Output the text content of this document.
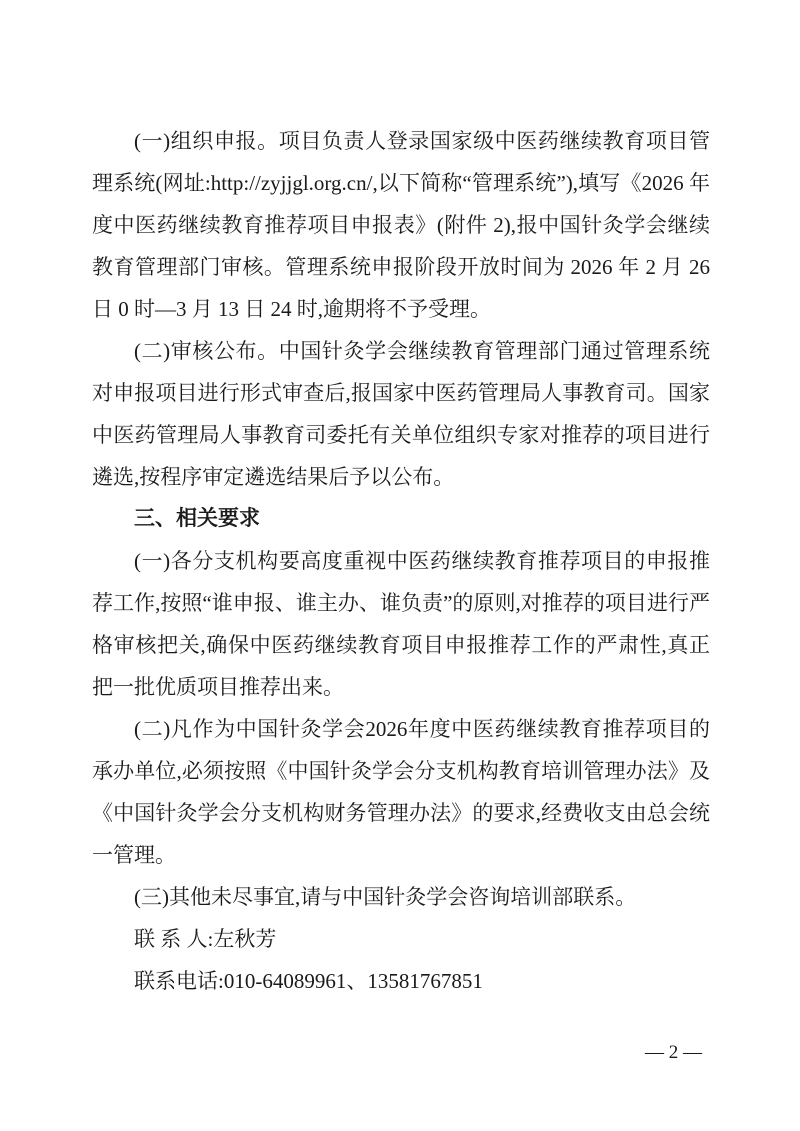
(一)组织申报。项目负责人登录国家级中医药继续教育项目管理系统(网址:http://zyjjgl.org.cn/,以下简称“管理系统”),填写《2026 年度中医药继续教育推荐项目申报表》(附件 2),报中国针灸学会继续教育管理部门审核。管理系统申报阶段开放时间为 2026 年 2 月 26 日 0 时—3 月 13 日 24 时,逾期将不予受理。

(二)审核公布。中国针灸学会继续教育管理部门通过管理系统对申报项目进行形式审查后,报国家中医药管理局人事教育司。国家中医药管理局人事教育司委托有关单位组织专家对推荐的项目进行遴选,按程序审定遴选结果后予以公布。

三、相关要求

(一)各分支机构要高度重视中医药继续教育推荐项目的申报推荐工作,按照“谁申报、谁主办、谁负责”的原则,对推荐的项目进行严格审核把关,确保中医药继续教育项目申报推荐工作的严肃性,真正把一批优质项目推荐出来。

(二)凡作为中国针灸学会2026年度中医药继续教育推荐项目的承办单位,必须按照《中国针灸学会分支机构教育培训管理办法》及《中国针灸学会分支机构财务管理办法》的要求,经费收支由总会统一管理。

(三)其他未尽事宜,请与中国针灸学会咨询培训部联系。

联 系 人:左秋芳

联系电话:010-64089961、13581767851

— 2 —
